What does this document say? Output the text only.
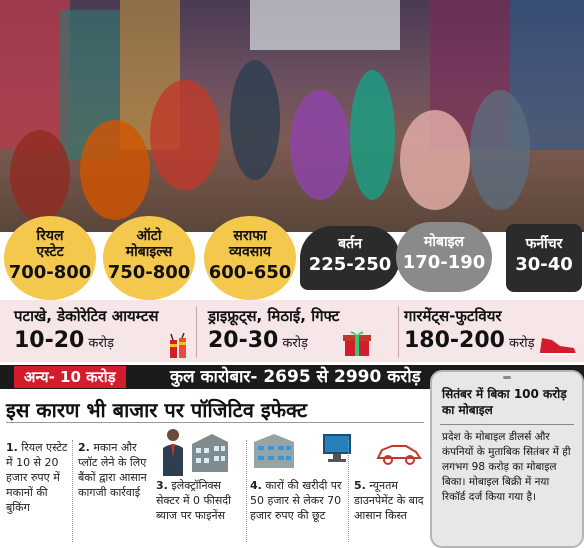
रियल
एस्टेट
700-800
ऑटो
मोबाइल्स
750-800
सराफा
व्यवसाय
600-650
बर्तन
225-250
मोबाइल
170-190
फर्नीचर
30-40
पटाखे, डेकोरेटिव आयम्टस
10-20 करोड़
ड्राइफ्रूट्स, मिठाई, गिफ्ट
20-30 करोड़
गारमेंट्स-फुटवियर
180-200 करोड़
अन्य- 10 करोड़	कुल कारोबार- 2695 से 2990 करोड़
इस कारण भी बाजार पर पॉजिटिव इफेक्ट
1. रियल एस्टेट में 10 से 20 हजार रुपए में मकानों की बुकिंग
2. मकान और प्लॉट लेने के लिए बैंकों द्वारा आसान कागजी कार्रवाई
3. इलेक्ट्रॉनिक्स सेक्टर में 0 फीसदी ब्याज पर फाइनेंस
4. कारों की खरीदी पर 50 हजार से लेकर 70 हजार रुपए की छूट
5. न्यूनतम डाउनपेमेंट के बाद आसान किस्त
सितंबर में बिका 100 करोड़ का मोबाइल
प्रदेश के मोबाइल डीलर्स और कंपनियों के मुताबिक सितंबर में ही लगभग 98 करोड़ का मोबाइल बिका। मोबाइल बिक्री में नया रिकॉर्ड दर्ज किया गया है।
